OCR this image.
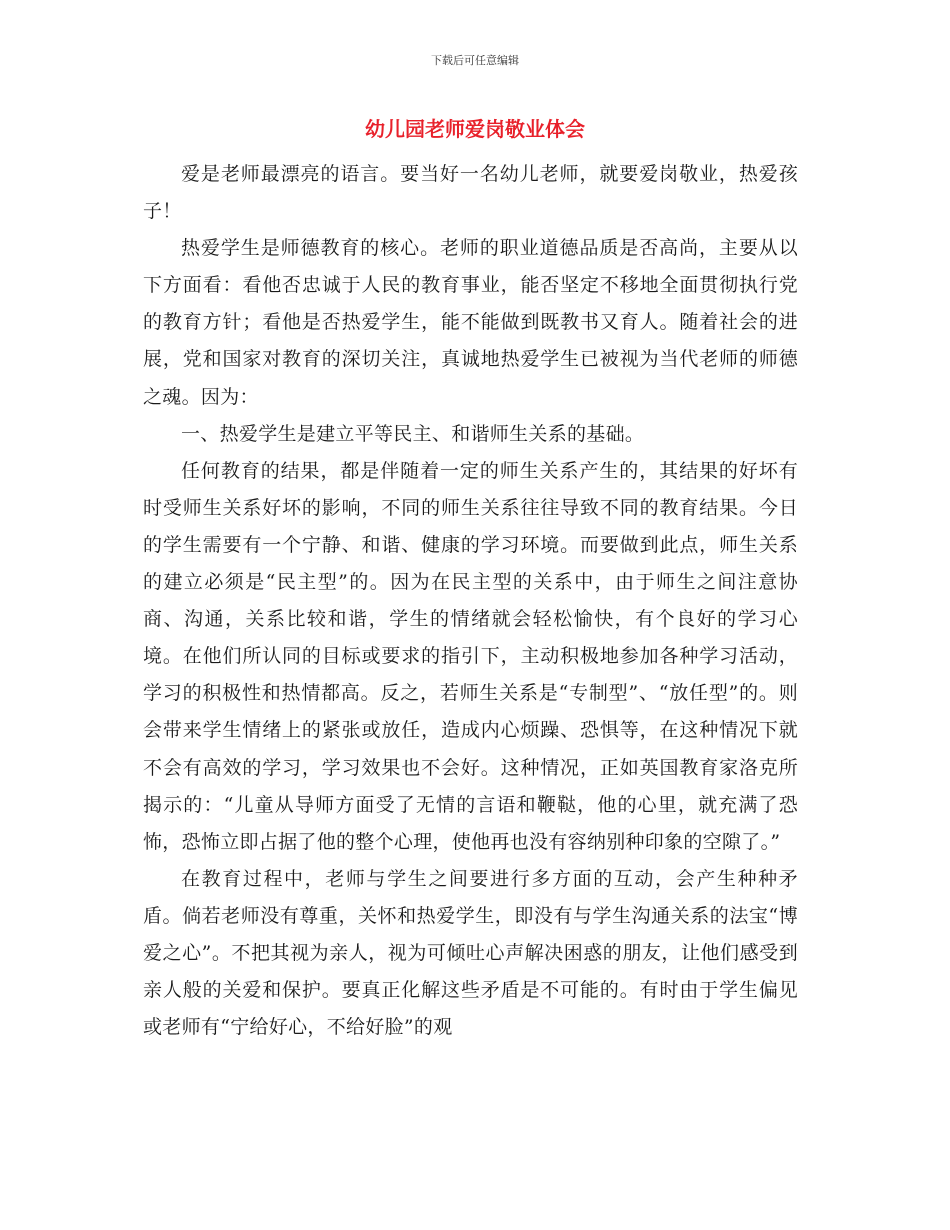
下载后可任意编辑
幼儿园老师爱岗敬业体会

爱是老师最漂亮的语言。要当好一名幼儿老师，就要爱岗敬业，热爱孩子！

热爱学生是师德教育的核心。老师的职业道德品质是否高尚，主要从以下方面看：看他否忠诚于人民的教育事业，能否坚定不移地全面贯彻执行党的教育方针；看他是否热爱学生，能不能做到既教书又育人。随着社会的进展，党和国家对教育的深切关注，真诚地热爱学生已被视为当代老师的师德之魂。因为：

一、热爱学生是建立平等民主、和谐师生关系的基础。

任何教育的结果，都是伴随着一定的师生关系产生的，其结果的好坏有时受师生关系好坏的影响，不同的师生关系往往导致不同的教育结果。今日的学生需要有一个宁静、和谐、健康的学习环境。而要做到此点，师生关系的建立必须是“民主型”的。因为在民主型的关系中，由于师生之间注意协商、沟通，关系比较和谐，学生的情绪就会轻松愉快，有个良好的学习心境。在他们所认同的目标或要求的指引下，主动积极地参加各种学习活动，学习的积极性和热情都高。反之，若师生关系是“专制型”、“放任型”的。则会带来学生情绪上的紧张或放任，造成内心烦躁、恐惧等，在这种情况下就不会有高效的学习，学习效果也不会好。这种情况，正如英国教育家洛克所揭示的：“儿童从导师方面受了无情的言语和鞭鞑，他的心里，就充满了恐怖，恐怖立即占据了他的整个心理，使他再也没有容纳别种印象的空隙了。”

在教育过程中，老师与学生之间要进行多方面的互动，会产生种种矛盾。倘若老师没有尊重，关怀和热爱学生，即没有与学生沟通关系的法宝“博爱之心”。不把其视为亲人，视为可倾吐心声解决困惑的朋友，让他们感受到亲人般的关爱和保护。要真正化解这些矛盾是不可能的。有时由于学生偏见或老师有“宁给好心，不给好脸”的观
